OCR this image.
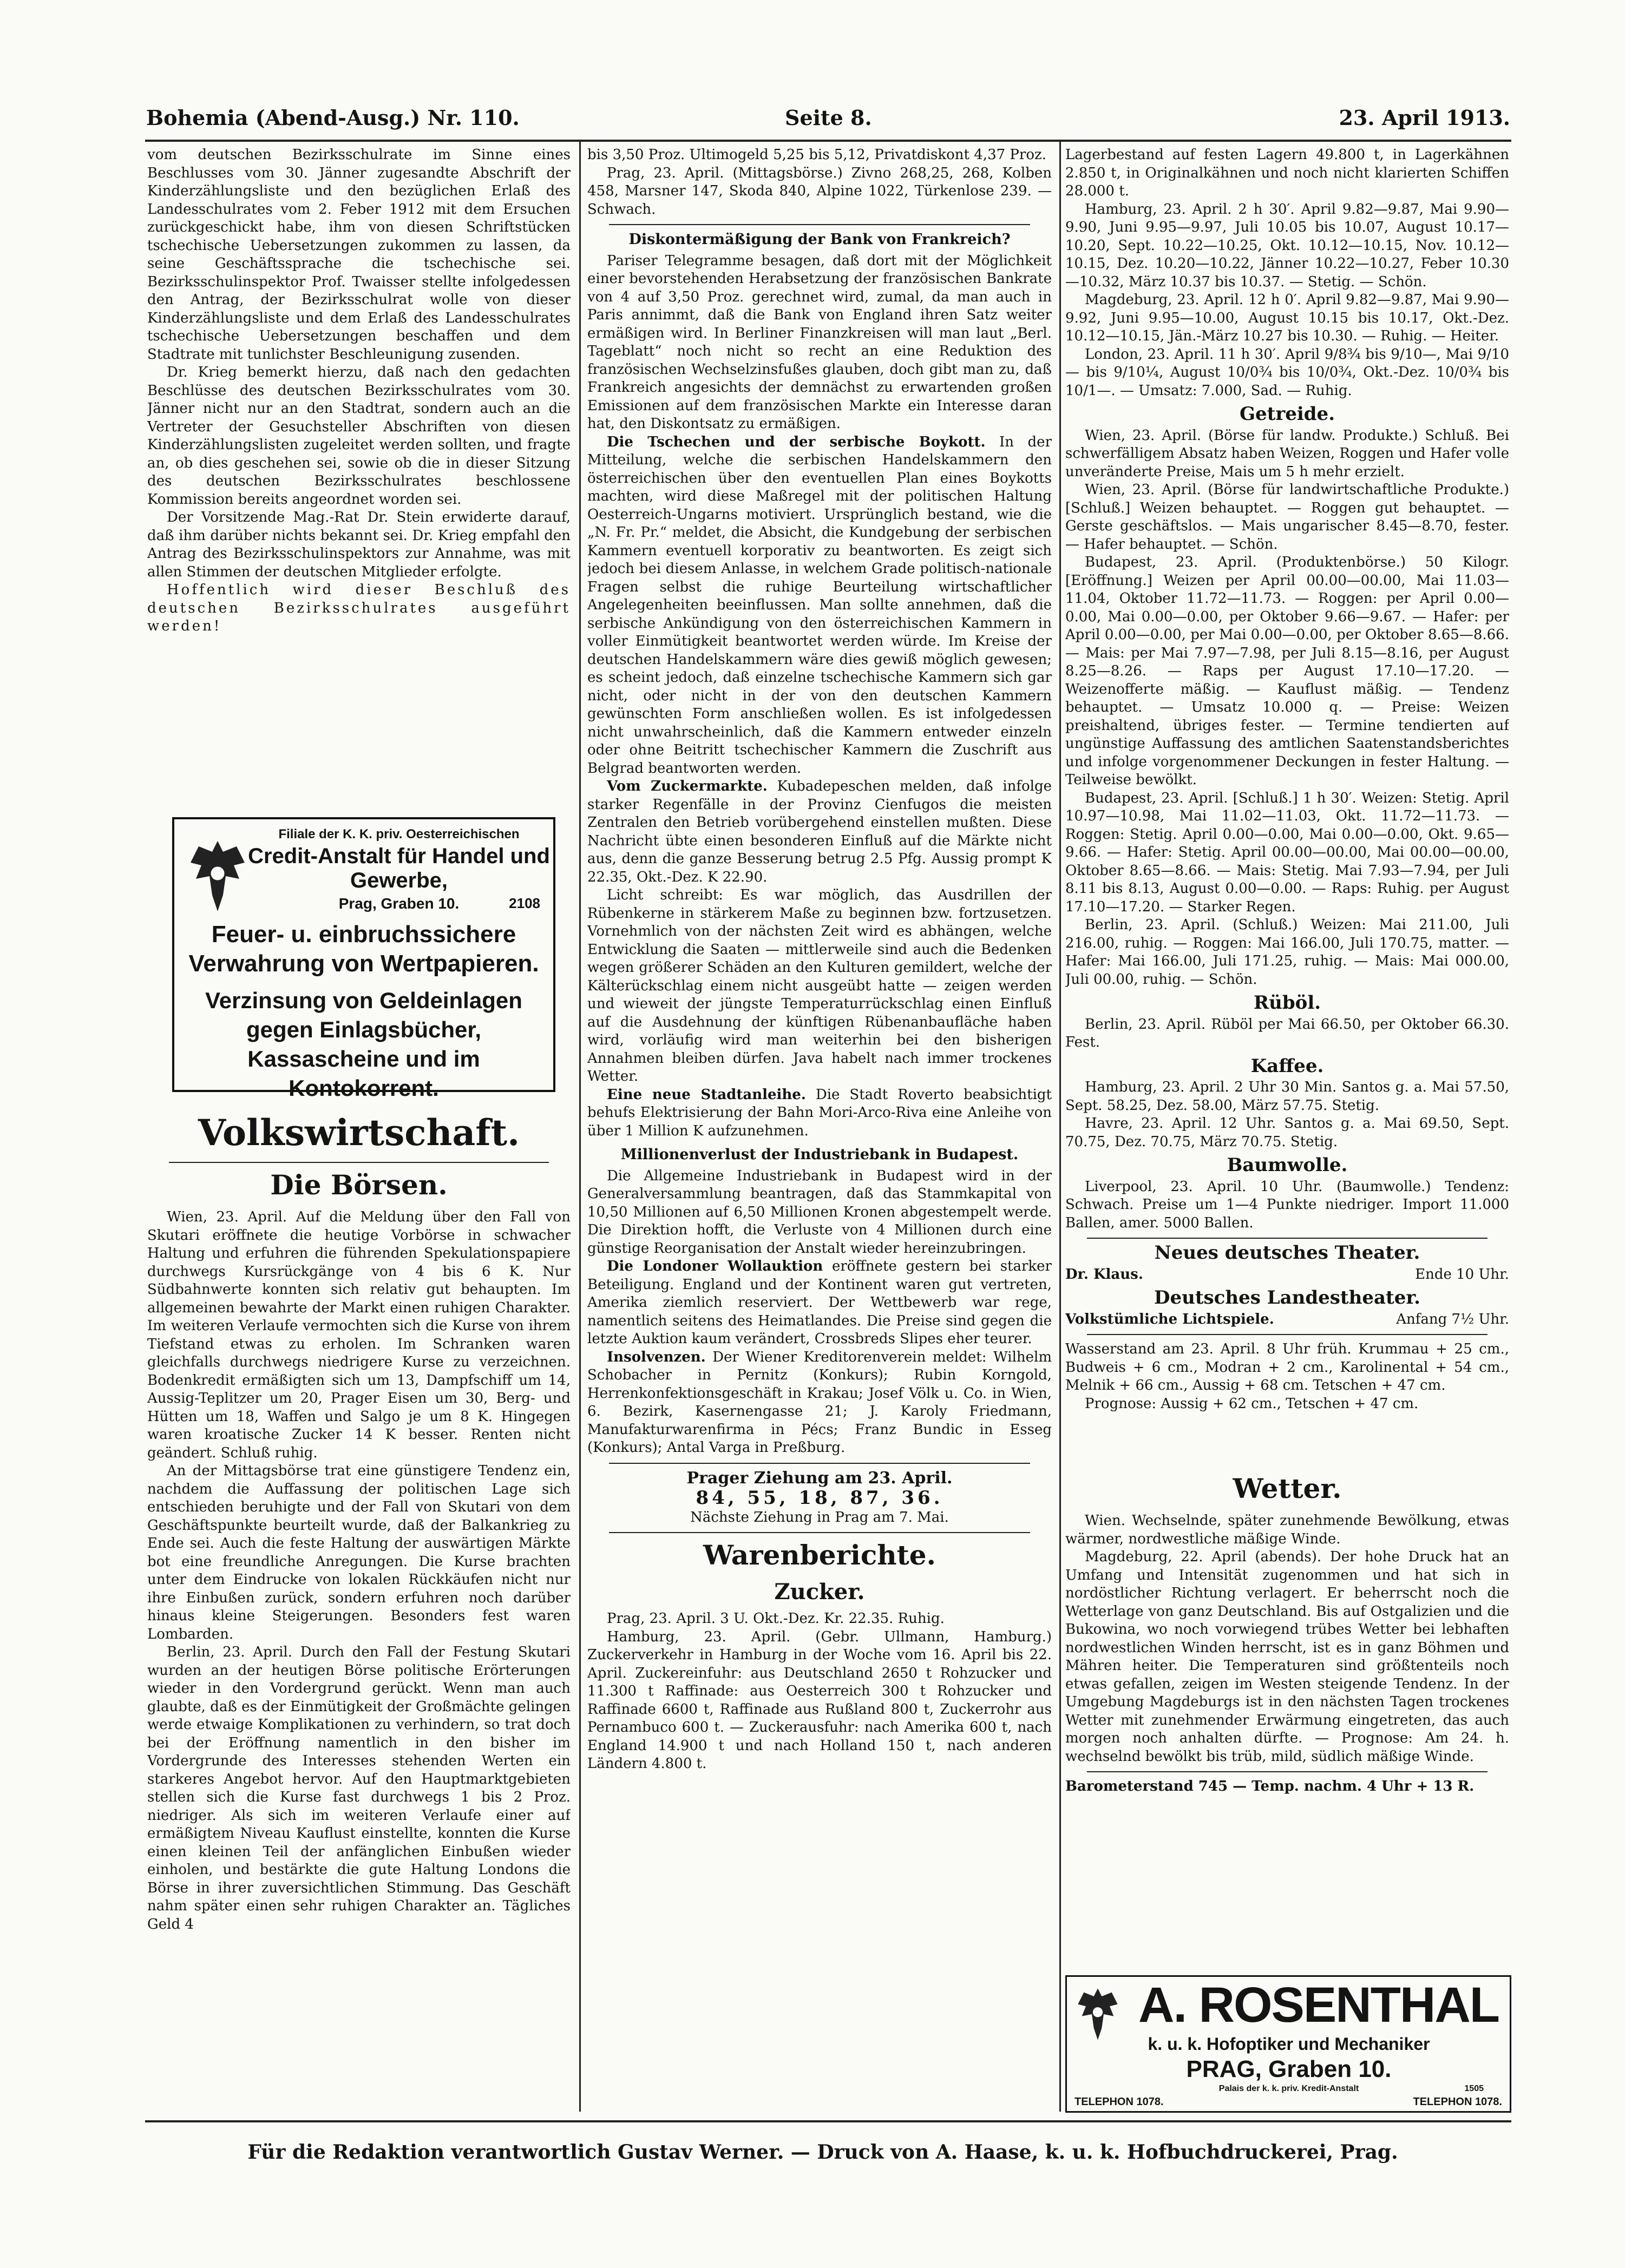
Bohemia (Abend-Ausg.) Nr. 110.	Seite 8.	23. April 1913.

vom deutschen Bezirksschulrate im Sinne eines Beschlusses vom 30. Jänner zugesandte Abschrift der Kinderzählungsliste und den bezüglichen Erlaß des Landesschulrates vom 2. Feber 1912 mit dem Ersuchen zurückgeschickt habe, ihm von diesen Schriftstücken tschechische Uebersetzungen zukommen zu lassen, da seine Geschäftssprache die tschechische sei. Bezirksschulinspektor Prof. Twaisser stellte infolgedessen den Antrag, der Bezirksschulrat wolle von dieser Kinderzählungsliste und dem Erlaß des Landesschulrates tschechische Uebersetzungen beschaffen und dem Stadtrate mit tunlichster Beschleunigung zusenden.

Dr. Krieg bemerkt hierzu, daß nach den gedachten Beschlüsse des deutschen Bezirksschulrates vom 30. Jänner nicht nur an den Stadtrat, sondern auch an die Vertreter der Gesuchsteller Abschriften von diesen Kinderzählungslisten zugeleitet werden sollten, und fragte an, ob dies geschehen sei, sowie ob die in dieser Sitzung des deutschen Bezirksschulrates beschlossene Kommission bereits angeordnet worden sei.

Der Vorsitzende Mag.-Rat Dr. Stein erwiderte darauf, daß ihm darüber nichts bekannt sei. Dr. Krieg empfahl den Antrag des Bezirksschulinspektors zur Annahme, was mit allen Stimmen der deutschen Mitglieder erfolgte.

Hoffentlich wird dieser Beschluß des deutschen Bezirksschulrates ausgeführt werden!

Filiale der K. K. priv. Oesterreichischen
Credit-Anstalt für Handel und Gewerbe,
Prag, Graben 10.	2108
Feuer- u. einbruchssichere Verwahrung von Wertpapieren.
Verzinsung von Geldeinlagen gegen Einlagsbücher, Kassascheine und im Kontokorrent.
Volkswirtschaft.
Die Börsen.

Wien, 23. April. Auf die Meldung über den Fall von Skutari eröffnete die heutige Vorbörse in schwacher Haltung und erfuhren die führenden Spekulationspapiere durchwegs Kursrückgänge von 4 bis 6 K. Nur Südbahnwerte konnten sich relativ gut behaupten. Im allgemeinen bewahrte der Markt einen ruhigen Charakter. Im weiteren Verlaufe vermochten sich die Kurse von ihrem Tiefstand etwas zu erholen. Im Schranken waren gleichfalls durchwegs niedrigere Kurse zu verzeichnen. Bodenkredit ermäßigten sich um 13, Dampfschiff um 14, Aussig-Teplitzer um 20, Prager Eisen um 30, Berg- und Hütten um 18, Waffen und Salgo je um 8 K. Hingegen waren kroatische Zucker 14 K besser. Renten nicht geändert. Schluß ruhig.

An der Mittagsbörse trat eine günstigere Tendenz ein, nachdem die Auffassung der politischen Lage sich entschieden beruhigte und der Fall von Skutari von dem Geschäftspunkte beurteilt wurde, daß der Balkankrieg zu Ende sei. Auch die feste Haltung der auswärtigen Märkte bot eine freundliche Anregungen. Die Kurse brachten unter dem Eindrucke von lokalen Rückkäufen nicht nur ihre Einbußen zurück, sondern erfuhren noch darüber hinaus kleine Steigerungen. Besonders fest waren Lombarden.

Berlin, 23. April. Durch den Fall der Festung Skutari wurden an der heutigen Börse politische Erörterungen wieder in den Vordergrund gerückt. Wenn man auch glaubte, daß es der Einmütigkeit der Großmächte gelingen werde etwaige Komplikationen zu verhindern, so trat doch bei der Eröffnung namentlich in den bisher im Vordergrunde des Interesses stehenden Werten ein starkeres Angebot hervor. Auf den Hauptmarktgebieten stellen sich die Kurse fast durchwegs 1 bis 2 Proz. niedriger. Als sich im weiteren Verlaufe einer auf ermäßigtem Niveau Kauflust einstellte, konnten die Kurse einen kleinen Teil der anfänglichen Einbußen wieder einholen, und bestärkte die gute Haltung Londons die Börse in ihrer zuversichtlichen Stimmung. Das Geschäft nahm später einen sehr ruhigen Charakter an. Tägliches Geld 4

bis 3,50 Proz. Ultimogeld 5,25 bis 5,12, Privatdiskont 4,37 Proz.

Prag, 23. April. (Mittagsbörse.) Zivno 268,25, 268, Kolben 458, Marsner 147, Skoda 840, Alpine 1022, Türkenlose 239. — Schwach.

Diskontermäßigung der Bank von Frankreich?

Pariser Telegramme besagen, daß dort mit der Möglichkeit einer bevorstehenden Herabsetzung der französischen Bankrate von 4 auf 3,50 Proz. gerechnet wird, zumal, da man auch in Paris annimmt, daß die Bank von England ihren Satz weiter ermäßigen wird. In Berliner Finanzkreisen will man laut „Berl. Tageblatt“ noch nicht so recht an eine Reduktion des französischen Wechselzinsfußes glauben, doch gibt man zu, daß Frankreich angesichts der demnächst zu erwartenden großen Emissionen auf dem französischen Markte ein Interesse daran hat, den Diskontsatz zu ermäßigen.

Die Tschechen und der serbische Boykott. In der Mitteilung, welche die serbischen Handelskammern den österreichischen über den eventuellen Plan eines Boykotts machten, wird diese Maßregel mit der politischen Haltung Oesterreich-Ungarns motiviert. Ursprünglich bestand, wie die „N. Fr. Pr.“ meldet, die Absicht, die Kundgebung der serbischen Kammern eventuell korporativ zu beantworten. Es zeigt sich jedoch bei diesem Anlasse, in welchem Grade politisch-nationale Fragen selbst die ruhige Beurteilung wirtschaftlicher Angelegenheiten beeinflussen. Man sollte annehmen, daß die serbische Ankündigung von den österreichischen Kammern in voller Einmütigkeit beantwortet werden würde. Im Kreise der deutschen Handelskammern wäre dies gewiß möglich gewesen; es scheint jedoch, daß einzelne tschechische Kammern sich gar nicht, oder nicht in der von den deutschen Kammern gewünschten Form anschließen wollen. Es ist infolgedessen nicht unwahrscheinlich, daß die Kammern entweder einzeln oder ohne Beitritt tschechischer Kammern die Zuschrift aus Belgrad beantworten werden.

Vom Zuckermarkte. Kubadepeschen melden, daß infolge starker Regenfälle in der Provinz Cienfugos die meisten Zentralen den Betrieb vorübergehend einstellen mußten. Diese Nachricht übte einen besonderen Einfluß auf die Märkte nicht aus, denn die ganze Besserung betrug 2.5 Pfg. Aussig prompt K 22.35, Okt.-Dez. K 22.90.

Licht schreibt: Es war möglich, das Ausdrillen der Rübenkerne in stärkerem Maße zu beginnen bzw. fortzusetzen. Vornehmlich von der nächsten Zeit wird es abhängen, welche Entwicklung die Saaten — mittlerweile sind auch die Bedenken wegen größerer Schäden an den Kulturen gemildert, welche der Kälterückschlag einem nicht ausgeübt hatte — zeigen werden und wieweit der jüngste Temperaturrückschlag einen Einfluß auf die Ausdehnung der künftigen Rübenanbaufläche haben wird, vorläufig wird man weiterhin bei den bisherigen Annahmen bleiben dürfen. Java habelt nach immer trockenes Wetter.

Eine neue Stadtanleihe. Die Stadt Roverto beabsichtigt behufs Elektrisierung der Bahn Mori-Arco-Riva eine Anleihe von über 1 Million K aufzunehmen.

Millionenverlust der Industriebank in Budapest.

Die Allgemeine Industriebank in Budapest wird in der Generalversammlung beantragen, daß das Stammkapital von 10,50 Millionen auf 6,50 Millionen Kronen abgestempelt werde. Die Direktion hofft, die Verluste von 4 Millionen durch eine günstige Reorganisation der Anstalt wieder hereinzubringen.

Die Londoner Wollauktion eröffnete gestern bei starker Beteiligung. England und der Kontinent waren gut vertreten, Amerika ziemlich reserviert. Der Wettbewerb war rege, namentlich seitens des Heimatlandes. Die Preise sind gegen die letzte Auktion kaum verändert, Crossbreds Slipes eher teurer.

Insolvenzen. Der Wiener Kreditorenverein meldet: Wilhelm Schobacher in Pernitz (Konkurs); Rubin Korngold, Herrenkonfektionsgeschäft in Krakau; Josef Völk u. Co. in Wien, 6. Bezirk, Kasernengasse 21; J. Karoly Friedmann, Manufakturwarenfirma in Pécs; Franz Bundic in Esseg (Konkurs); Antal Varga in Preßburg.

Prager Ziehung am 23. April.
84, 55, 18, 87, 36.
Nächste Ziehung in Prag am 7. Mai.
Warenberichte.
Zucker.

Prag, 23. April. 3 U. Okt.-Dez. Kr. 22.35. Ruhig.

Hamburg, 23. April. (Gebr. Ullmann, Hamburg.) Zuckerverkehr in Hamburg in der Woche vom 16. April bis 22. April. Zuckereinfuhr: aus Deutschland 2650 t Rohzucker und 11.300 t Raffinade: aus Oesterreich 300 t Rohzucker und Raffinade 6600 t, Raffinade aus Rußland 800 t, Zuckerrohr aus Pernambuco 600 t. — Zuckerausfuhr: nach Amerika 600 t, nach England 14.900 t und nach Holland 150 t, nach anderen Ländern 4.800 t.

Lagerbestand auf festen Lagern 49.800 t, in Lagerkähnen 2.850 t, in Originalkähnen und noch nicht klarierten Schiffen 28.000 t.

Hamburg, 23. April. 2 h 30′. April 9.82—9.87, Mai 9.90—9.90, Juni 9.95—9.97, Juli 10.05 bis 10.07, August 10.17—10.20, Sept. 10.22—10.25, Okt. 10.12—10.15, Nov. 10.12—10.15, Dez. 10.20—10.22, Jänner 10.22—10.27, Feber 10.30—10.32, März 10.37 bis 10.37. — Stetig. — Schön.

Magdeburg, 23. April. 12 h 0′. April 9.82—9.87, Mai 9.90—9.92, Juni 9.95—10.00, August 10.15 bis 10.17, Okt.-Dez. 10.12—10.15, Jän.-März 10.27 bis 10.30. — Ruhig. — Heiter.

London, 23. April. 11 h 30′. April 9/8¾ bis 9/10—, Mai 9/10— bis 9/10¼, August 10/0¾ bis 10/0¾, Okt.-Dez. 10/0¾ bis 10/1—. — Umsatz: 7.000, Sad. — Ruhig.

Getreide.

Wien, 23. April. (Börse für landw. Produkte.) Schluß. Bei schwerfälligem Absatz haben Weizen, Roggen und Hafer volle unveränderte Preise, Mais um 5 h mehr erzielt.

Wien, 23. April. (Börse für landwirtschaftliche Produkte.) [Schluß.] Weizen behauptet. — Roggen gut behauptet. — Gerste geschäftslos. — Mais ungarischer 8.45—8.70, fester. — Hafer behauptet. — Schön.

Budapest, 23. April. (Produktenbörse.) 50 Kilogr. [Eröffnung.] Weizen per April 00.00—00.00, Mai 11.03—11.04, Oktober 11.72—11.73. — Roggen: per April 0.00—0.00, Mai 0.00—0.00, per Oktober 9.66—9.67. — Hafer: per April 0.00—0.00, per Mai 0.00—0.00, per Oktober 8.65—8.66. — Mais: per Mai 7.97—7.98, per Juli 8.15—8.16, per August 8.25—8.26. — Raps per August 17.10—17.20. — Weizenofferte mäßig. — Kauflust mäßig. — Tendenz behauptet. — Umsatz 10.000 q. — Preise: Weizen preishaltend, übriges fester. — Termine tendierten auf ungünstige Auffassung des amtlichen Saatenstandsberichtes und infolge vorgenommener Deckungen in fester Haltung. — Teilweise bewölkt.

Budapest, 23. April. [Schluß.] 1 h 30′. Weizen: Stetig. April 10.97—10.98, Mai 11.02—11.03, Okt. 11.72—11.73. — Roggen: Stetig. April 0.00—0.00, Mai 0.00—0.00, Okt. 9.65—9.66. — Hafer: Stetig. April 00.00—00.00, Mai 00.00—00.00, Oktober 8.65—8.66. — Mais: Stetig. Mai 7.93—7.94, per Juli 8.11 bis 8.13, August 0.00—0.00. — Raps: Ruhig. per August 17.10—17.20. — Starker Regen.

Berlin, 23. April. (Schluß.) Weizen: Mai 211.00, Juli 216.00, ruhig. — Roggen: Mai 166.00, Juli 170.75, matter. — Hafer: Mai 166.00, Juli 171.25, ruhig. — Mais: Mai 000.00, Juli 00.00, ruhig. — Schön.

Rüböl.

Berlin, 23. April. Rüböl per Mai 66.50, per Oktober 66.30. Fest.

Kaffee.

Hamburg, 23. April. 2 Uhr 30 Min. Santos g. a. Mai 57.50, Sept. 58.25, Dez. 58.00, März 57.75. Stetig.

Havre, 23. April. 12 Uhr. Santos g. a. Mai 69.50, Sept. 70.75, Dez. 70.75, März 70.75. Stetig.

Baumwolle.

Liverpool, 23. April. 10 Uhr. (Baumwolle.) Tendenz: Schwach. Preise um 1—4 Punkte niedriger. Import 11.000 Ballen, amer. 5000 Ballen.

Neues deutsches Theater.
Dr. Klaus.	Ende 10 Uhr.
Deutsches Landestheater.
Volkstümliche Lichtspiele.	Anfang 7½ Uhr.

Wasserstand am 23. April. 8 Uhr früh. Krummau + 25 cm., Budweis + 6 cm., Modran + 2 cm., Karolinental + 54 cm., Melnik + 66 cm., Aussig + 68 cm. Tetschen + 47 cm.

Prognose: Aussig + 62 cm., Tetschen + 47 cm.

Wetter.

Wien. Wechselnde, später zunehmende Bewölkung, etwas wärmer, nordwestliche mäßige Winde.

Magdeburg, 22. April (abends). Der hohe Druck hat an Umfang und Intensität zugenommen und hat sich in nordöstlicher Richtung verlagert. Er beherrscht noch die Wetterlage von ganz Deutschland. Bis auf Ostgalizien und die Bukowina, wo noch vorwiegend trübes Wetter bei lebhaften nordwestlichen Winden herrscht, ist es in ganz Böhmen und Mähren heiter. Die Temperaturen sind größtenteils noch etwas gefallen, zeigen im Westen steigende Tendenz. In der Umgebung Magdeburgs ist in den nächsten Tagen trockenes Wetter mit zunehmender Erwärmung eingetreten, das auch morgen noch anhalten dürfte. — Prognose: Am 24. h. wechselnd bewölkt bis trüb, mild, südlich mäßige Winde.

Barometerstand 745 — Temp. nachm. 4 Uhr + 13 R.

A. ROSENTHAL
k. u. k. Hofoptiker und Mechaniker
PRAG, Graben 10.
Palais der k. k. priv. Kredit-Anstalt	1505
TELEPHON 1078.	TELEPHON 1078.
Für die Redaktion verantwortlich Gustav Werner. — Druck von A. Haase, k. u. k. Hofbuchdruckerei, Prag.
